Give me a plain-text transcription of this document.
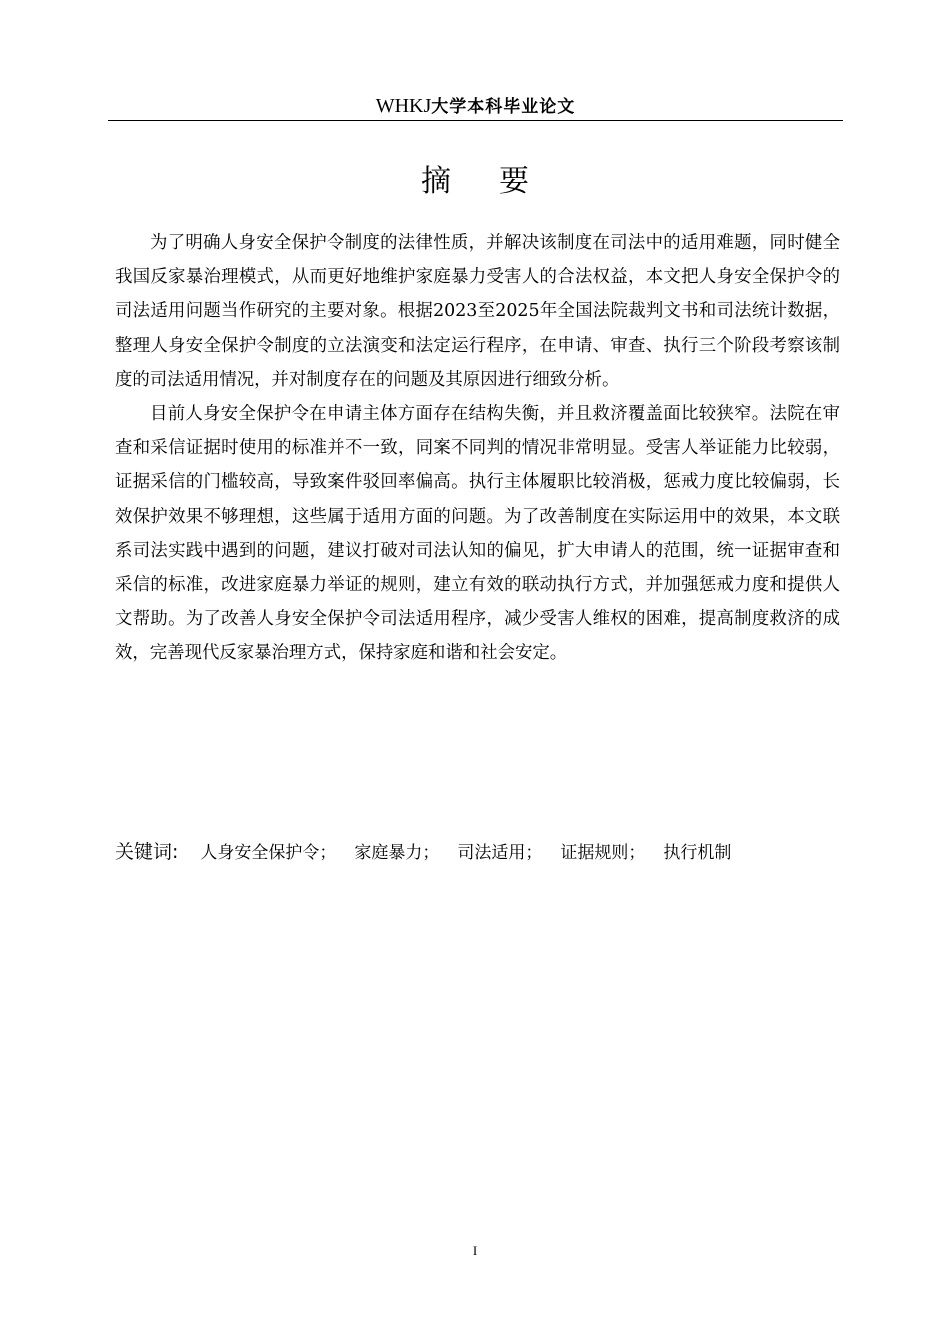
WHKJ大学本科毕业论文
摘要

为了明确人身安全保护令制度的法律性质，并解决该制度在司法中的适用难题，同时健全我国反家暴治理模式，从而更好地维护家庭暴力受害人的合法权益，本文把人身安全保护令的司法适用问题当作研究的主要对象。根据2023至2025年全国法院裁判文书和司法统计数据，整理人身安全保护令制度的立法演变和法定运行程序，在申请、审查、执行三个阶段考察该制度的司法适用情况，并对制度存在的问题及其原因进行细致分析。

目前人身安全保护令在申请主体方面存在结构失衡，并且救济覆盖面比较狭窄。法院在审查和采信证据时使用的标准并不一致，同案不同判的情况非常明显。受害人举证能力比较弱，证据采信的门槛较高，导致案件驳回率偏高。执行主体履职比较消极，惩戒力度比较偏弱，长效保护效果不够理想，这些属于适用方面的问题。为了改善制度在实际运用中的效果，本文联系司法实践中遇到的问题，建议打破对司法认知的偏见，扩大申请人的范围，统一证据审查和采信的标准，改进家庭暴力举证的规则，建立有效的联动执行方式，并加强惩戒力度和提供人文帮助。为了改善人身安全保护令司法适用程序，减少受害人维权的困难，提高制度救济的成效，完善现代反家暴治理方式，保持家庭和谐和社会安定。

关键词: 人身安全保护令； 家庭暴力； 司法适用； 证据规则； 执行机制
I
